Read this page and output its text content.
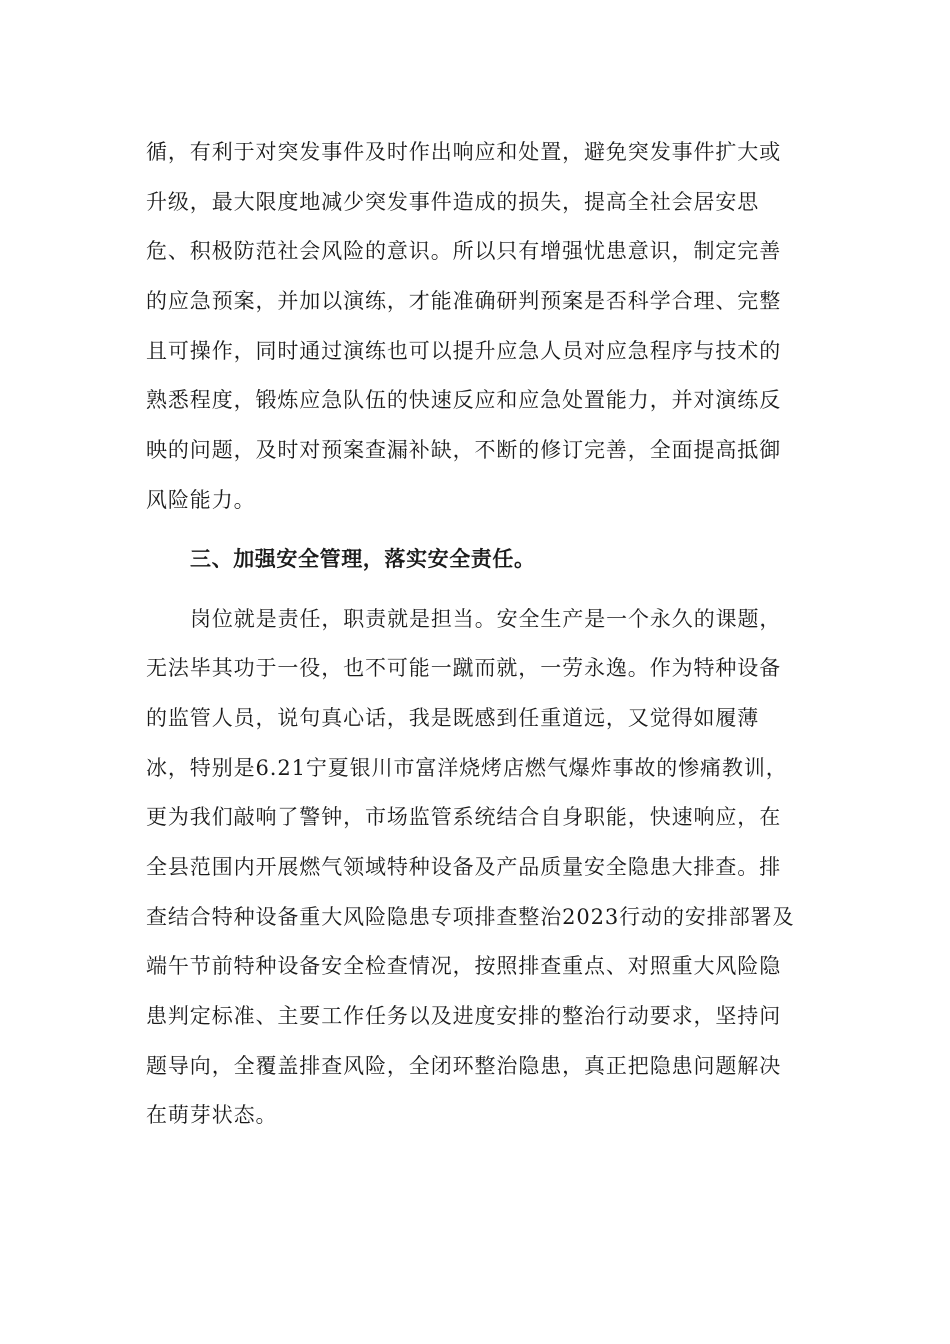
循，有利于对突发事件及时作出响应和处置，避免突发事件扩大或
升级，最大限度地减少突发事件造成的损失，提高全社会居安思
危、积极防范社会风险的意识。所以只有增强忧患意识，制定完善
的应急预案，并加以演练，才能准确研判预案是否科学合理、完整
且可操作，同时通过演练也可以提升应急人员对应急程序与技术的
熟悉程度，锻炼应急队伍的快速反应和应急处置能力，并对演练反
映的问题，及时对预案查漏补缺，不断的修订完善，全面提高抵御
风险能力。
三、加强安全管理，落实安全责任。
岗位就是责任，职责就是担当。安全生产是一个永久的课题，
无法毕其功于一役，也不可能一蹴而就，一劳永逸。作为特种设备
的监管人员，说句真心话，我是既感到任重道远，又觉得如履薄
冰，特别是6.21宁夏银川市富洋烧烤店燃气爆炸事故的惨痛教训，
更为我们敲响了警钟，市场监管系统结合自身职能，快速响应，在
全县范围内开展燃气领域特种设备及产品质量安全隐患大排查。排
查结合特种设备重大风险隐患专项排查整治2023行动的安排部署及
端午节前特种设备安全检查情况，按照排查重点、对照重大风险隐
患判定标准、主要工作任务以及进度安排的整治行动要求，坚持问
题导向，全覆盖排查风险，全闭环整治隐患，真正把隐患问题解决
在萌芽状态。
